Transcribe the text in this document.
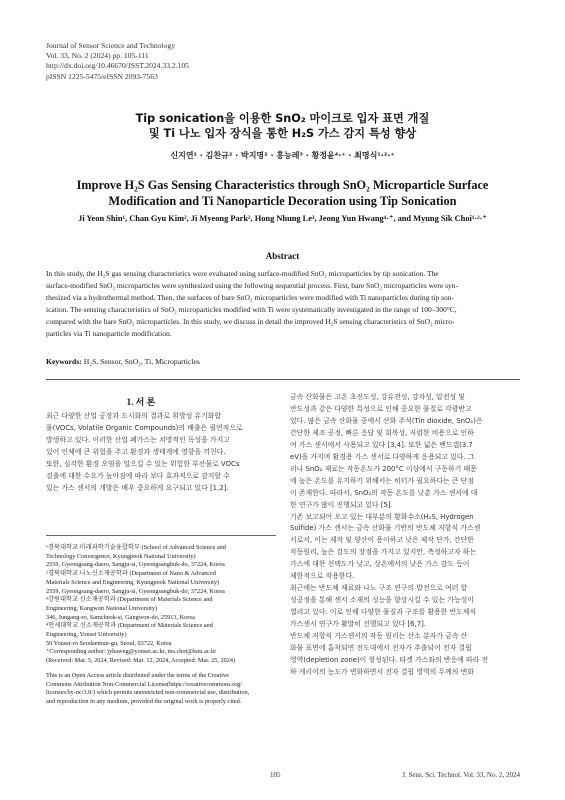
Journal of Sensor Science and Technology
Vol. 33, No. 2 (2024) pp. 105-111
http://dx.doi.org/10.46670/JSST.2024.33.2.105
pISSN 1225-5475/eISSN 2093-7563
Tip sonication을 이용한 SnO₂ 마이크로 입자 표면 개질
및 Ti 나노 입자 장식을 통한 H₂S 가스 감지 특성 향상
신지연¹ · 김찬규² · 박지명² · 홍능레³ · 황정윤⁴·⁺ · 최명식¹·²·⁺
Improve H₂S Gas Sensing Characteristics through SnO₂ Microparticle Surface
Modification and Ti Nanoparticle Decoration using Tip Sonication
Ji Yeon Shin¹, Chan Gyu Kim², Ji Myeong Park², Hong Nhung Le³, Jeong Yun Hwang⁴·⁺, and Myung Sik Choi¹·²·⁺
Abstract
In this study, the H₂S gas sensing characteristics were evaluated using surface-modified SnO₂ microparticles by tip sonication. The
surface-modified SnO₂ microparticles were synthesized using the following sequential process. First, bare SnO₂ microparticles were syn-
thesized via a hydrothermal method. Then, the surfaces of bare SnO₂ microparticles were modified with Ti nanoparticles during tip son-
ication. The sensing characteristics of SnO₂ microparticles modified with Ti were systematically investigated in the range of 100–300°C,
compared with the bare SnO₂ microparticles. In this study, we discuss in detail the improved H₂S sensing characteristics of SnO₂ micro-
particles via Ti nanoparticle modification.
Keywords: H₂S, Sensor, SnO₂, Ti, Microparticles
1. 서 론
최근 다양한 산업 공장과 도시화의 결과로 휘발성 유기화합
물(VOCs, Volatile Organic Compounds)의 배출은 필연적으로
발생하고 있다. 이러한 산업 폐가스는 치명적인 독성을 가지고
있어 인체에 큰 위험을 주고 환경과 생태계에 영향을 끼친다.
또한, 심각한 환경 오염을 일으킬 수 있는 위험한 부산물로 VOCs
검출에 대한 수요가 높아짐에 따라 보다 효과적으로 감지할 수
있는 가스 센서의 개발은 매우 중요하게 요구되고 있다 [1,2].
¹경북대학교 미래과학기술융합학부 (School of Advanced Science and
Technology Convergence, Kyungpook National University)
2559, Gyeongsang-daero, Sangju-si, Gyeongsangbuk-do, 37224, Korea
²경북대학교 나노신소재공학과 (Department of Nano & Advanced
Materials Science and Engineering, Kyungpook National University)
2559, Gyeongsang-daero, Sangju-si, Gyeongsangbuk-do, 37224, Korea
³강원대학교 신소재공학과 (Department of Materials Science and
Engineering, Kangwon National University)
346, Jungang-ro, Samcheok-si, Gangwon-do, 25913, Korea
⁴연세대학교 신소재공학과 (Department of Materials Science and
Engineering, Yonsei University)
50 Yonsei-ro Seodaemun-gu, Seoul, 03722, Korea
⁺Corresponding author: jyhawng@yonsei.ac.kr, ms.choi@knu.ac.kr
(Received: Mar. 5, 2024, Revised: Mar. 12, 2024, Accepted: Mar. 25, 2024)
This is an Open Access article distributed under the terms of the Creative
Commons Attribution Non-Commercial License(https://creativecommons.org/
licenses/by-nc/3.0/) which permits unrestricted non-commercial use, distribution,
and reproduction in any medium, provided the original work is properly cited.
금속 산화물은 고온 초전도성, 강유전성, 강자성, 압전성 및
반도성과 같은 다양한 특성으로 인해 중요한 물질로 각광받고
있다. 많은 금속 산화물 중에서 산화 주석(Tin dioxide, SnO₂)은
간단한 제조 공정, 빠른 응답 및 회복성, 저렴한 비용으로 인하
여 가스 센서에서 사용되고 있다 [3,4]. 또한 넓은 밴드갭(3.7
eV)을 가지며 환경용 가스 센서로 다양하게 응용되고 있다. 그
러나 SnO₂ 재료는 작동온도가 200°C 이상에서 구동하기 때문
에 높은 온도를 유지하기 위해서는 히터가 필요하다는 큰 단점
이 존재한다. 따라서, SnO₂의 작동 온도를 낮춘 가스 센서에 대
한 연구가 많이 진행되고 있다 [5].
기존 보고되어 오고 있는 대부분의 황화수소(H₂S, Hydrogen
Sulfide) 가스 센서는 금속 산화물 기반의 반도체 저항식 가스센
서로서, 이는 제작 및 양산이 용이하고 낮은 제작 단가, 간단한
작동원리, 높은 감도의 장점을 가지고 있지만, 측정하고자 하는
가스에 대한 선택도가 낮고, 상온에서의 낮은 가스 감도 등이
제한적으로 작용한다.
최근에는 반도체 재료와 나노 구조 연구의 발전으로 여러 합
성공정을 통해 센서 소재의 성능을 향상시킬 수 있는 가능성이
열리고 있다. 이로 인해 다양한 물질과 구조를 활용한 반도체식
가스센서 연구가 활발히 진행되고 있다 [6,7].
반도체 저항식 가스센서의 작동 원리는 산소 분자가 금속 산
화물 표면에 흡착되면 전도대에서 전자가 추출되어 전자 결핍
영역(depletion zone)이 형성된다. 타겟 가스와의 반응에 따라 전
하 캐리어의 농도가 변화하면서 전자 결핍 영역의 두께의 변화
105	J. Sens. Sci. Technol. Vol. 33, No. 2, 2024
